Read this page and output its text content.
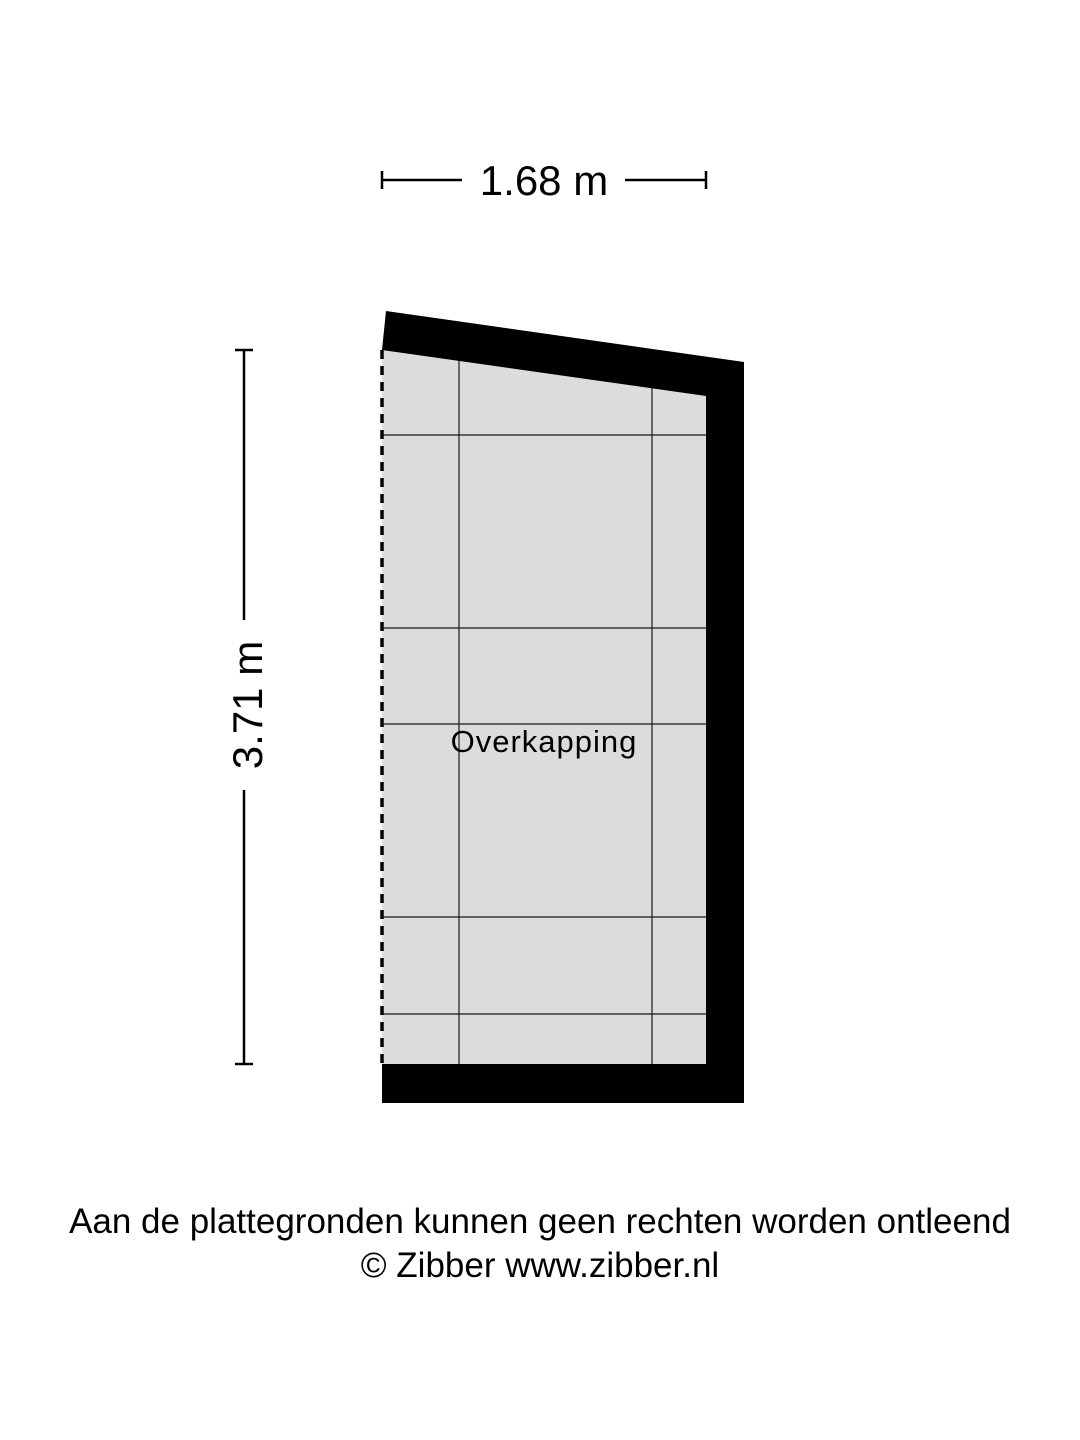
1.68 m
3.71 m	Overkapping
Aan de plattegronden kunnen geen rechten worden ontleend
© Zibber www.zibber.nl
